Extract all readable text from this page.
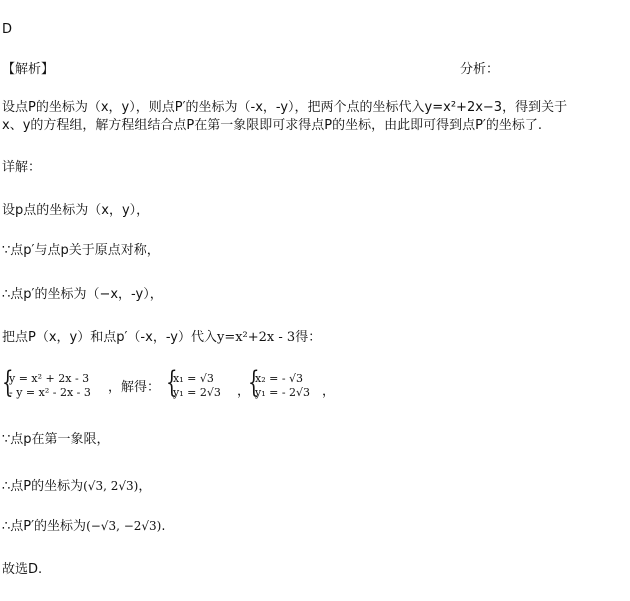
D
【解析】	分析：
设点P的坐标为（x，y），则点P′的坐标为（-x，-y），把两个点的坐标代入y=x²+2x−3，得到关于
x、y的方程组，解方程组结合点P在第一象限即可求得点P的坐标，由此即可得到点P′的坐标了.
详解：
设p点的坐标为（x，y），
∵点p′与点p关于原点对称，
∴点p′的坐标为（−x，-y），
把点P（x，y）和点p′（-x，-y）代入y=x²+2x - 3得：
{
y = x² + 2x - 3
- y = x² - 2x - 3 ，解得： {
x₁ = √3
y₁ = 2√3 ，
{
x₂ = - √3
y₁ = - 2√3 ，
∵点p在第一象限，
∴点P的坐标为(√3, 2√3)，
∴点P′的坐标为(−√3, −2√3).
故选D.
